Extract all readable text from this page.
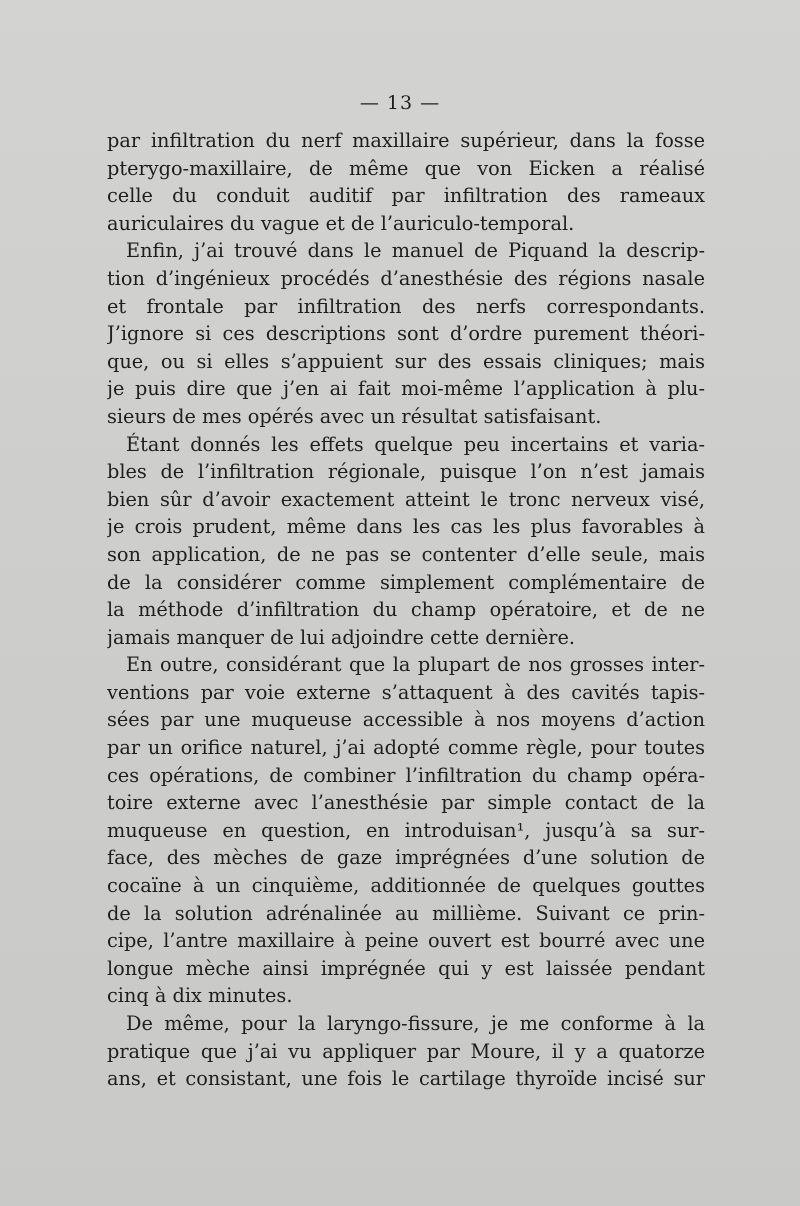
— 13 —
par infiltration du nerf maxillaire supérieur, dans la fosse
pterygo-maxillaire, de même que von Eicken a réalisé
celle du conduit auditif par infiltration des rameaux
auriculaires du vague et de l’auriculo-temporal.
Enfin, j’ai trouvé dans le manuel de Piquand la descrip-
tion d’ingénieux procédés d’anesthésie des régions nasale
et frontale par infiltration des nerfs correspondants.
J’ignore si ces descriptions sont d’ordre purement théori-
que, ou si elles s’appuient sur des essais cliniques; mais
je puis dire que j’en ai fait moi-même l’application à plu-
sieurs de mes opérés avec un résultat satisfaisant.
Étant donnés les effets quelque peu incertains et varia-
bles de l’infiltration régionale, puisque l’on n’est jamais
bien sûr d’avoir exactement atteint le tronc nerveux visé,
je crois prudent, même dans les cas les plus favorables à
son application, de ne pas se contenter d’elle seule, mais
de la considérer comme simplement complémentaire de
la méthode d’infiltration du champ opératoire, et de ne
jamais manquer de lui adjoindre cette dernière.
En outre, considérant que la plupart de nos grosses inter-
ventions par voie externe s’attaquent à des cavités tapis-
sées par une muqueuse accessible à nos moyens d’action
par un orifice naturel, j’ai adopté comme règle, pour toutes
ces opérations, de combiner l’infiltration du champ opéra-
toire externe avec l’anesthésie par simple contact de la
muqueuse en question, en introduisan¹, jusqu’à sa sur-
face, des mèches de gaze imprégnées d’une solution de
cocaïne à un cinquième, additionnée de quelques gouttes
de la solution adrénalinée au millième. Suivant ce prin-
cipe, l’antre maxillaire à peine ouvert est bourré avec une
longue mèche ainsi imprégnée qui y est laissée pendant
cinq à dix minutes.
De même, pour la laryngo-fissure, je me conforme à la
pratique que j’ai vu appliquer par Moure, il y a quatorze
ans, et consistant, une fois le cartilage thyroïde incisé sur
